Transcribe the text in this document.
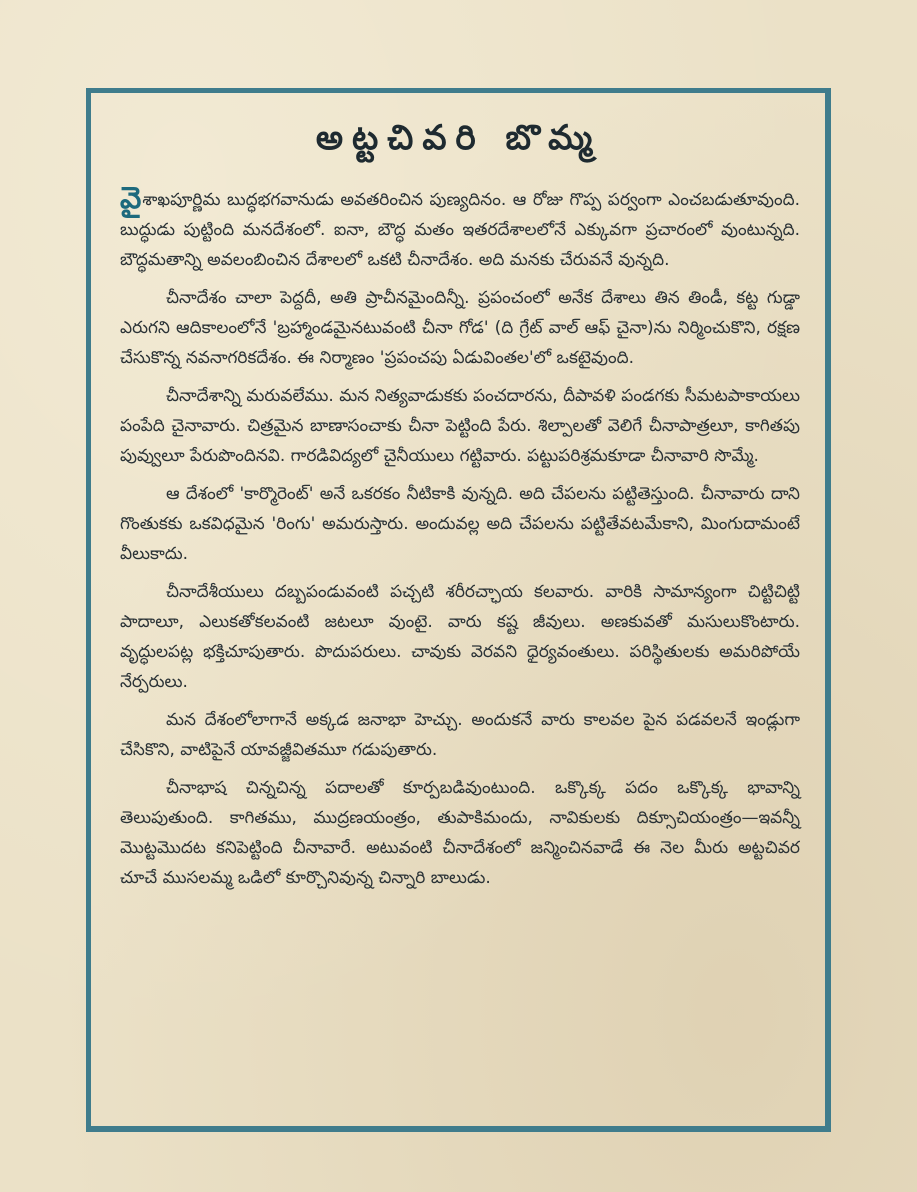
అట్టచివరి బొమ్మ

వైశాఖపూర్ణిమ బుద్ధభగవానుడు అవతరించిన పుణ్యదినం. ఆ రోజు గొప్ప పర్వంగా ఎంచబడుతూవుంది. బుద్ధుడు పుట్టింది మనదేశంలో. ఐనా, బౌద్ధ మతం ఇతరదేశాలలోనే ఎక్కువగా ప్రచారంలో వుంటున్నది. బౌద్ధమతాన్ని అవలంబించిన దేశాలలో ఒకటి చీనాదేశం. అది మనకు చేరువనే వున్నది.

చీనాదేశం చాలా పెద్దదీ, అతి ప్రాచీనమైందిన్నీ. ప్రపంచంలో అనేక దేశాలు తిన తిండీ, కట్ట గుడ్డా ఎరుగని ఆదికాలంలోనే 'బ్రహ్మాండమైనటువంటి చీనా గోడ' (ది గ్రేట్ వాల్ ఆఫ్ చైనా)ను నిర్మించుకొని, రక్షణ చేసుకొన్న నవనాగరికదేశం. ఈ నిర్మాణం 'ప్రపంచపు ఏడువింతల'లో ఒకటైవుంది.

చీనాదేశాన్ని మరువలేము. మన నిత్యవాడుకకు పంచదారను, దీపావళి పండగకు సీమటపాకాయలు పంపేది చైనావారు. చిత్రమైన బాణాసంచాకు చీనా పెట్టింది పేరు. శిల్పాలతో వెలిగే చీనాపాత్రలూ, కాగితపు పువ్వులూ పేరుపొందినవి. గారడివిద్యలో చైనీయులు గట్టివారు. పట్టుపరిశ్రమకూడా చీనావారి సొమ్మే.

ఆ దేశంలో 'కార్మొరెంట్' అనే ఒకరకం నీటికాకి వున్నది. అది చేపలను పట్టితెస్తుంది. చీనావారు దాని గొంతుకకు ఒకవిధమైన 'రింగు' అమరుస్తారు. అందువల్ల అది చేపలను పట్టితేవటమేకాని, మింగుదామంటే వీలుకాదు.

చీనాదేశీయులు దబ్బపండువంటి పచ్చటి శరీరచ్ఛాయ కలవారు. వారికి సామాన్యంగా చిట్టిచిట్టి పాదాలూ, ఎలుకతోకలవంటి జటలూ వుంటై. వారు కష్ట జీవులు. అణకువతో మసులుకొంటారు. వృద్ధులపట్ల భక్తిచూపుతారు. పొదుపరులు. చావుకు వెరవని ధైర్యవంతులు. పరిస్థితులకు అమరిపోయే నేర్పరులు.

మన దేశంలోలాగానే అక్కడ జనాభా హెచ్చు. అందుకనే వారు కాలవల పైన పడవలనే ఇండ్లుగా చేసికొని, వాటిపైనే యావజ్జీవితమూ గడుపుతారు.

చీనాభాష చిన్నచిన్న పదాలతో కూర్పబడివుంటుంది. ఒక్కొక్క పదం ఒక్కొక్క భావాన్ని తెలుపుతుంది. కాగితము, ముద్రణయంత్రం, తుపాకిమందు, నావికులకు దిక్సూచియంత్రం—ఇవన్నీ మొట్టమొదట కనిపెట్టింది చీనావారే. అటువంటి చీనాదేశంలో జన్మించినవాడే ఈ నెల మీరు అట్టచివర చూచే ముసలమ్మ ఒడిలో కూర్చొనివున్న చిన్నారి బాలుడు.
